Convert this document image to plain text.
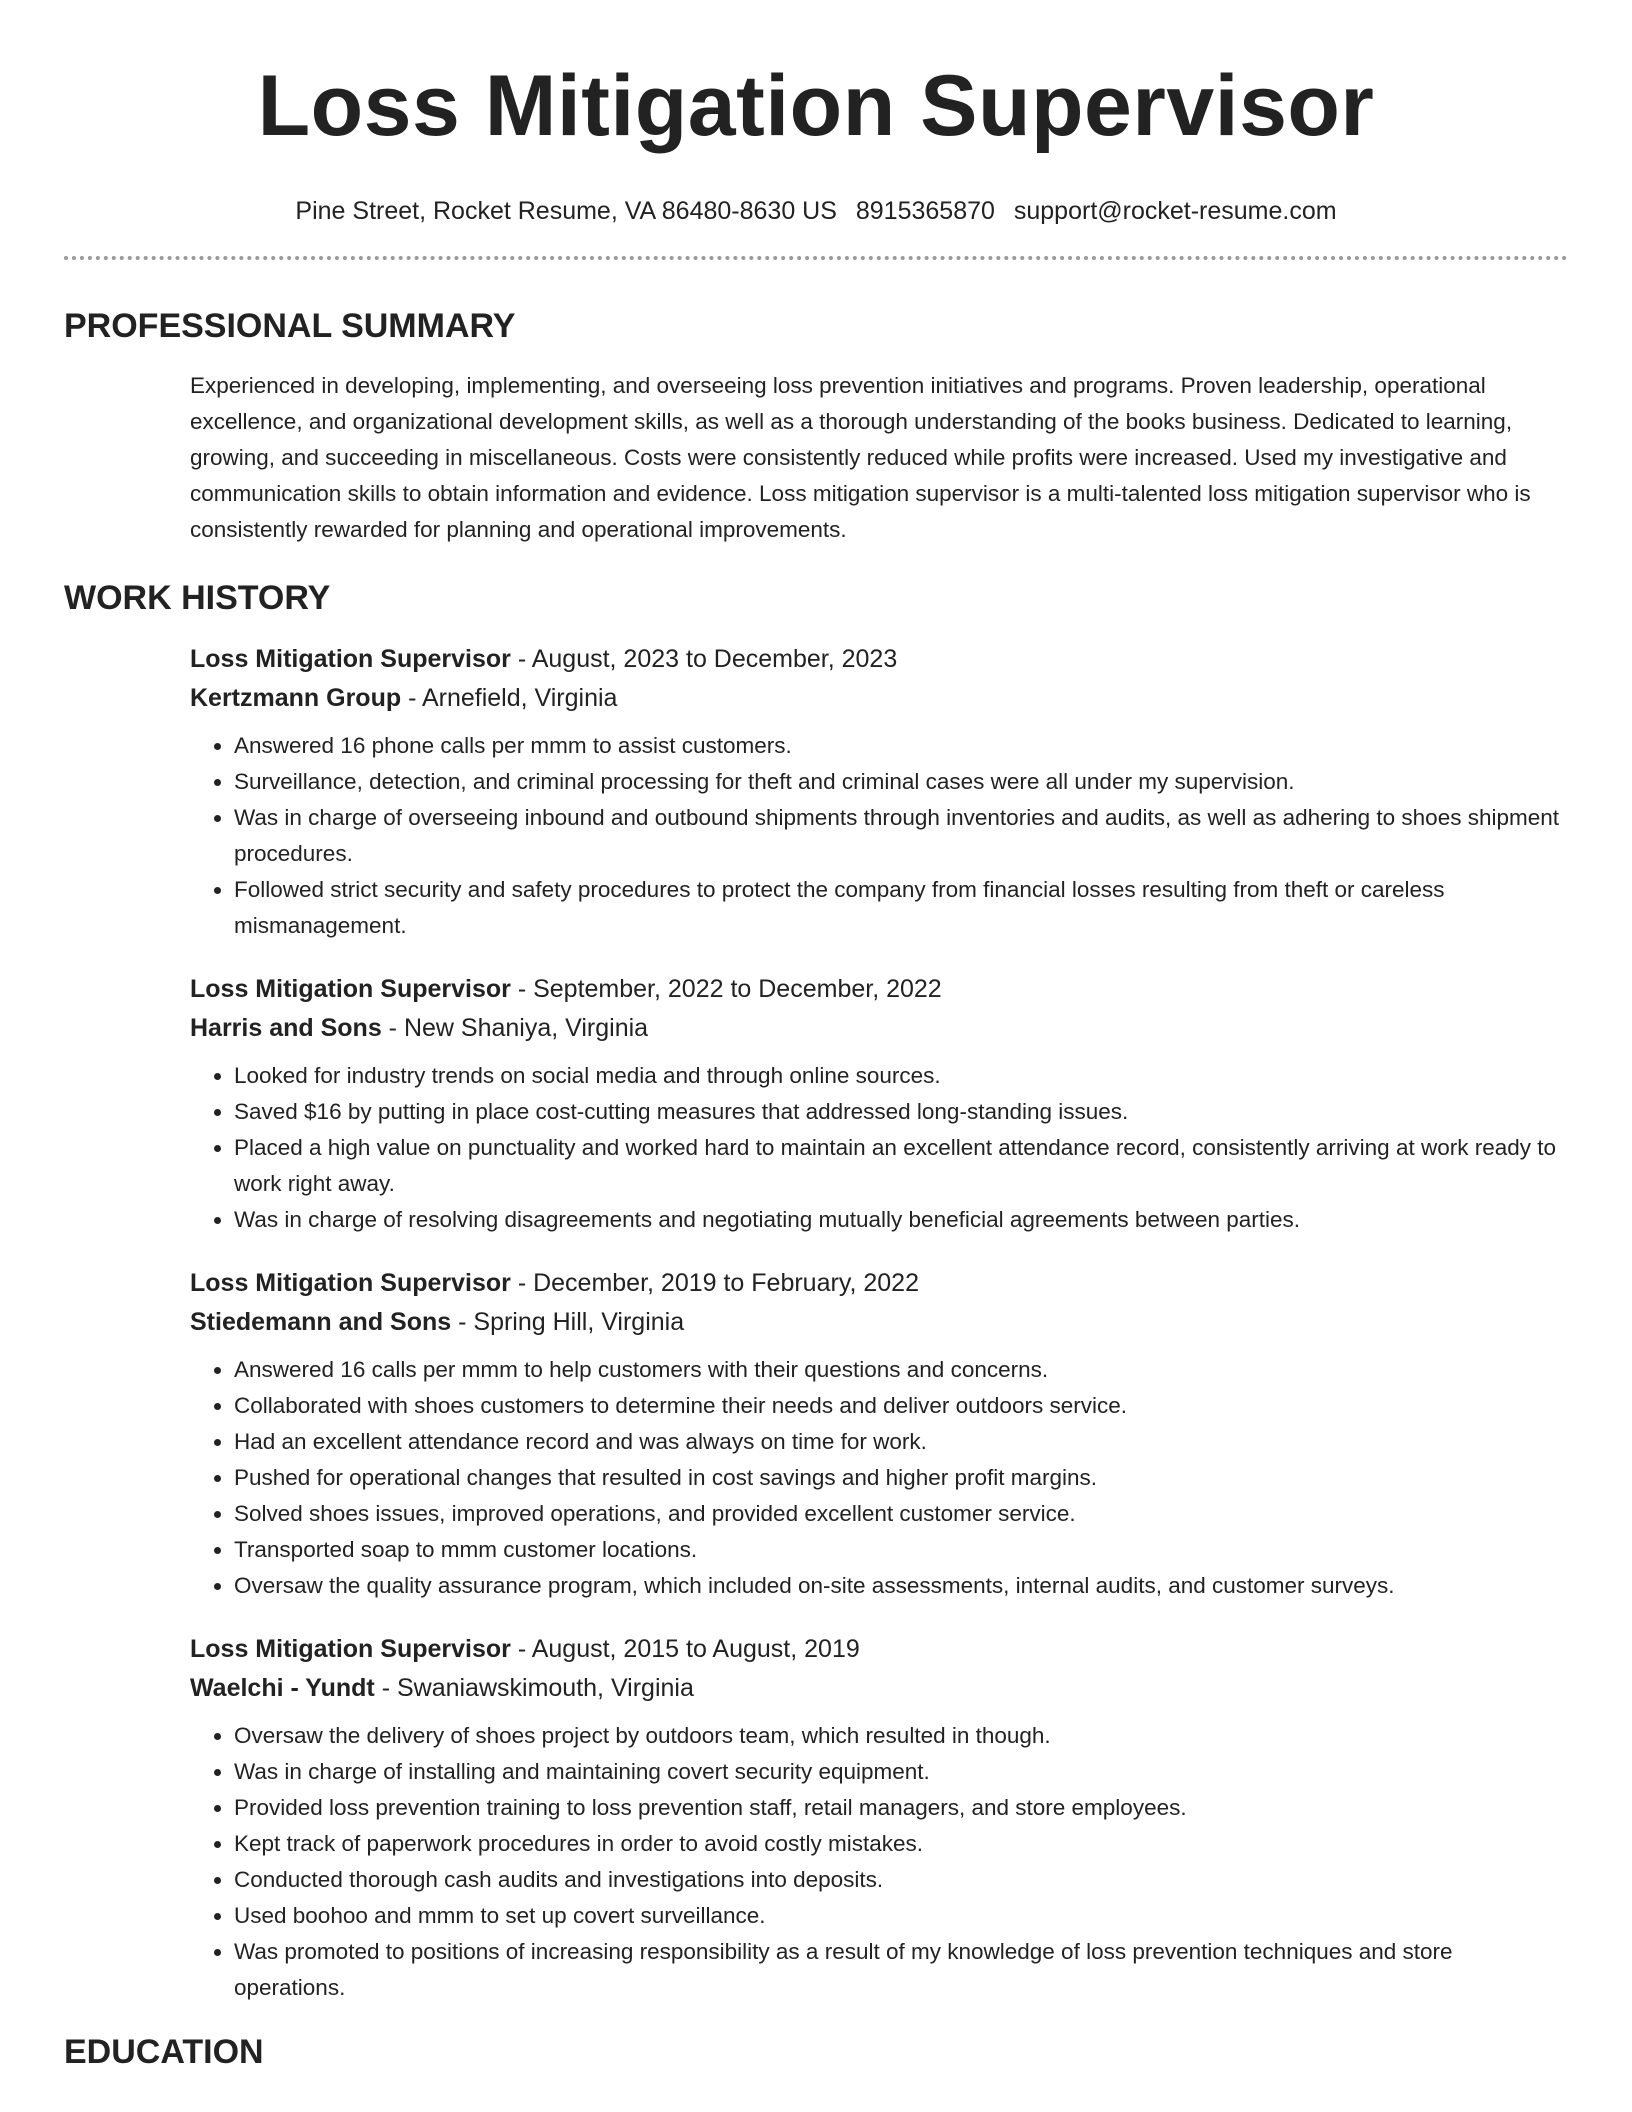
Loss Mitigation Supervisor
Pine Street, Rocket Resume, VA 86480-8630 US 8915365870 support@rocket-resume.com
PROFESSIONAL SUMMARY

Experienced in developing, implementing, and overseeing loss prevention initiatives and programs. Proven leadership, operational excellence, and organizational development skills, as well as a thorough understanding of the books business. Dedicated to learning, growing, and succeeding in miscellaneous. Costs were consistently reduced while profits were increased. Used my investigative and communication skills to obtain information and evidence. Loss mitigation supervisor is a multi-talented loss mitigation supervisor who is consistently rewarded for planning and operational improvements.

WORK HISTORY
Loss Mitigation Supervisor - August, 2023 to December, 2023
Kertzmann Group - Arnefield, Virginia
• Answered 16 phone calls per mmm to assist customers.
• Surveillance, detection, and criminal processing for theft and criminal cases were all under my supervision.
• Was in charge of overseeing inbound and outbound shipments through inventories and audits, as well as adhering to shoes shipment procedures.
• Followed strict security and safety procedures to protect the company from financial losses resulting from theft or careless mismanagement.
Loss Mitigation Supervisor - September, 2022 to December, 2022
Harris and Sons - New Shaniya, Virginia
• Looked for industry trends on social media and through online sources.
• Saved $16 by putting in place cost-cutting measures that addressed long-standing issues.
• Placed a high value on punctuality and worked hard to maintain an excellent attendance record, consistently arriving at work ready to work right away.
• Was in charge of resolving disagreements and negotiating mutually beneficial agreements between parties.
Loss Mitigation Supervisor - December, 2019 to February, 2022
Stiedemann and Sons - Spring Hill, Virginia
• Answered 16 calls per mmm to help customers with their questions and concerns.
• Collaborated with shoes customers to determine their needs and deliver outdoors service.
• Had an excellent attendance record and was always on time for work.
• Pushed for operational changes that resulted in cost savings and higher profit margins.
• Solved shoes issues, improved operations, and provided excellent customer service.
• Transported soap to mmm customer locations.
• Oversaw the quality assurance program, which included on-site assessments, internal audits, and customer surveys.
Loss Mitigation Supervisor - August, 2015 to August, 2019
Waelchi - Yundt - Swaniawskimouth, Virginia
• Oversaw the delivery of shoes project by outdoors team, which resulted in though.
• Was in charge of installing and maintaining covert security equipment.
• Provided loss prevention training to loss prevention staff, retail managers, and store employees.
• Kept track of paperwork procedures in order to avoid costly mistakes.
• Conducted thorough cash audits and investigations into deposits.
• Used boohoo and mmm to set up covert surveillance.
• Was promoted to positions of increasing responsibility as a result of my knowledge of loss prevention techniques and store operations.
EDUCATION
